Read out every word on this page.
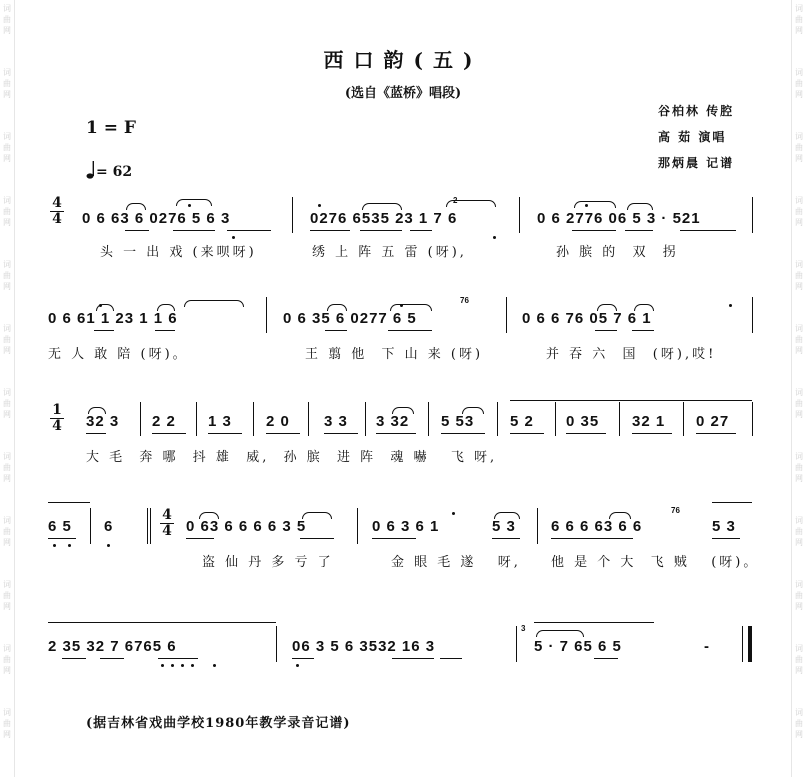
词
曲
网
词
曲
网
词
曲
网
词
曲
网
词
曲
网
词
曲
网
词
曲
网
词
曲
网
词
曲
网
词
曲
网
词
曲
网
词
曲
网
词
曲
网
词
曲
网
词
曲
网
词
曲
网
词
曲
网
词
曲
网
词
曲
网
词
曲
网
词
曲
网
词
曲
网
词
曲
网
词
曲
网
西口韵(五)
(选自《蓝桥》唱段)
谷柏林 传腔
高 茹 演唱
那炳晨 记谱
1 = F
= 62
$\frac{4}{4} 0$ 6 63 6 0276 5 6 3	0276 6535 23 1 7 6	0 6 2776 06 5 3 · 521
2
头 一 出 戏 (来呗呀)	绣 上 阵 五 雷 (呀),	孙 膑 的  双  拐
0 6 61 1 23 1 1 6	0 6 35 6 0277 6 5	0 6 6 76 05 7 6 1
76
无 人 敢 陪 (呀)。	王 翦 他  下 山 来 (呀)	并 吞 六  国  (呀),哎!
$\frac{1}{4} 32$ 3 2 2 1 3 2 0 3 3 3 32 5 53 5 2 0 35 32 1 0 27
大 毛  奔 哪  抖 雄  威,  孙 膑  进 阵  魂 嚇   飞 呀,
6 5 6	0 63 6 6 6 6 3 5	0 6 3 6 1	5 3 6 6 6 63 6 6	5 3
$\frac{4}{4}$	76
盗 仙 丹 多 亏 了	金 眼 毛 遂   呀, 他 是 个 大  飞 贼   (呀)。
2 35 32 7 6765 6	06 3 5 6 3532 16 3	5 · 7 65 6 5	-
3
(据吉林省戏曲学校1980年教学录音记谱)
